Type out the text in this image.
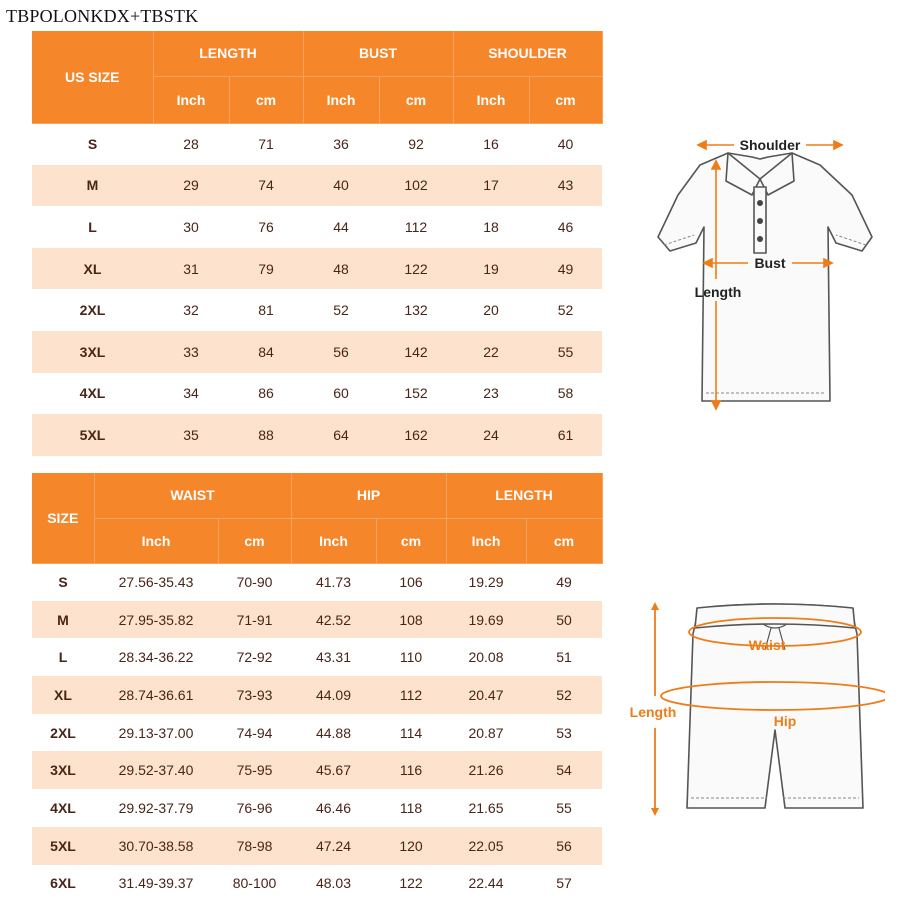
TBPOLONKDX+TBSTK
US SIZE	LENGTH		BUST		SHOULDER	
	Inch	cm	Inch	cm	Inch	cm
S	28	71	36	92	16	40
M	29	74	40	102	17	43
L	30	76	44	112	18	46
XL	31	79	48	122	19	49
2XL	32	81	52	132	20	52
3XL	33	84	56	142	22	55
4XL	34	86	60	152	23	58
5XL	35	88	64	162	24	61
SIZE	WAIST		HIP		LENGTH	
	Inch	cm	Inch	cm	Inch	cm
S	27.56-35.43	70-90	41.73	106	19.29	49
M	27.95-35.82	71-91	42.52	108	19.69	50
L	28.34-36.22	72-92	43.31	110	20.08	51
XL	28.74-36.61	73-93	44.09	112	20.47	52
2XL	29.13-37.00	74-94	44.88	114	20.87	53
3XL	29.52-37.40	75-95	45.67	116	21.26	54
4XL	29.92-37.79	76-96	46.46	118	21.65	55
5XL	30.70-38.58	78-98	47.24	120	22.05	56
6XL	31.49-39.37	80-100	48.03	122	22.44	57
Shoulder
Bust
Length
Waist
Hip
Length
